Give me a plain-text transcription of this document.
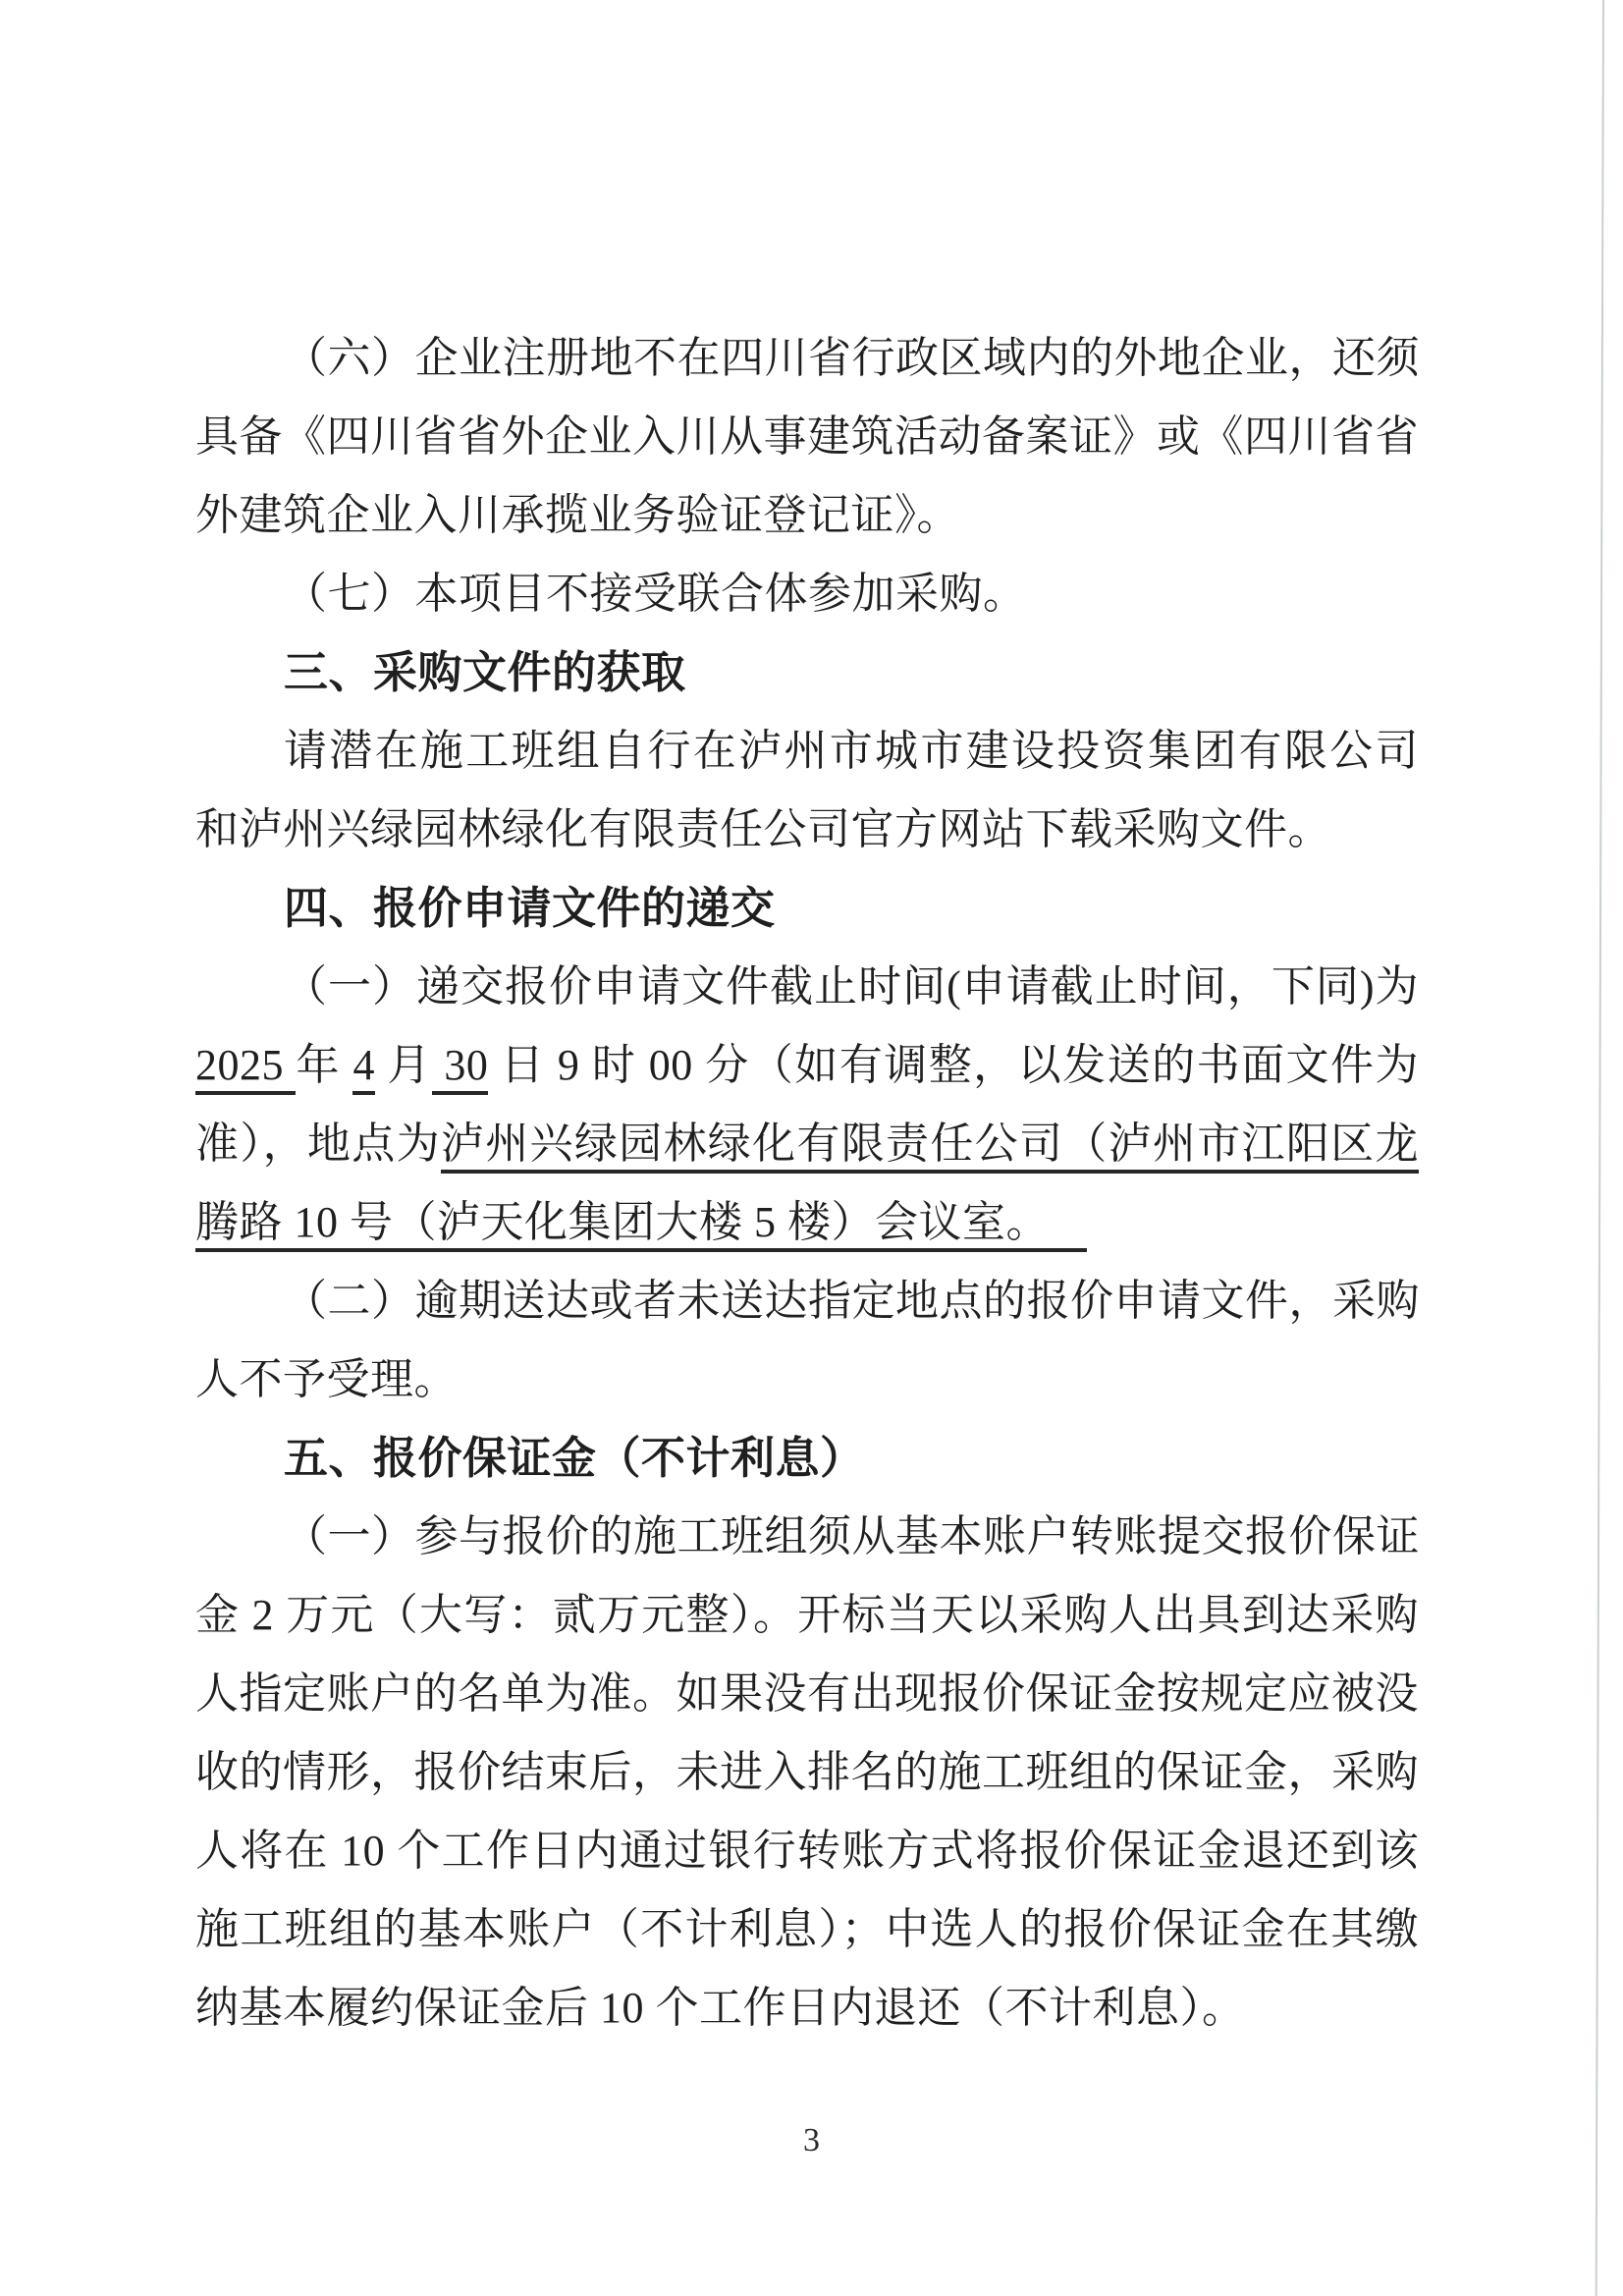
（六）企业注册地不在四川省行政区域内的外地企业，还须
具备《四川省省外企业入川从事建筑活动备案证》或《四川省省
外建筑企业入川承揽业务验证登记证》。
（七）本项目不接受联合体参加采购。
三、采购文件的获取
请潜在施工班组自行在泸州市城市建设投资集团有限公司
和泸州兴绿园林绿化有限责任公司官方网站下载采购文件。
四、报价申请文件的递交
（一）递交报价申请文件截止时间(申请截止时间，下同)为
2025 年 4 月 30 日 9 时 00 分（如有调整，以发送的书面文件为
准），地点为泸州兴绿园林绿化有限责任公司（泸州市江阳区龙
腾路 10 号（泸天化集团大楼 5 楼）会议室。
（二）逾期送达或者未送达指定地点的报价申请文件，采购
人不予受理。
五、报价保证金（不计利息）
（一）参与报价的施工班组须从基本账户转账提交报价保证
金 2 万元（大写：贰万元整）。开标当天以采购人出具到达采购
人指定账户的名单为准。如果没有出现报价保证金按规定应被没
收的情形，报价结束后，未进入排名的施工班组的保证金，采购
人将在 10 个工作日内通过银行转账方式将报价保证金退还到该
施工班组的基本账户（不计利息）；中选人的报价保证金在其缴
纳基本履约保证金后 10 个工作日内退还（不计利息）。
3
